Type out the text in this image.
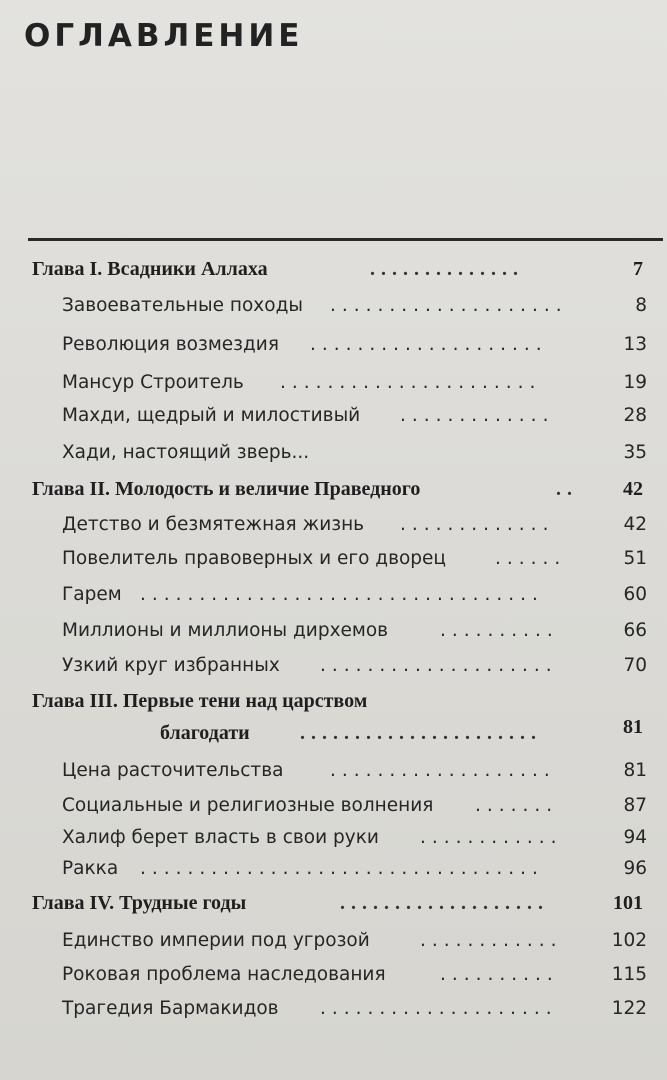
ОГЛАВЛЕНИЕ
Глава I. Всадники Аллаха	..............	7
Завоевательные походы ....................	8
Революция возмездия ....................	13
Мансур Строитель ......................	19
Махди, щедрый и милостивый .............	28
Хади, настоящий зверь...	35
Глава II. Молодость и величие Праведного	..	42
Детство и безмятежная жизнь .............	42
Повелитель правоверных и его дворец	......	51
Гарем ..................................	60
Миллионы и миллионы дирхемов	..........	66
Узкий круг избранных ....................	70
Глава III. Первые тени над царством
благодати	......................	81
Цена расточительства	...................	81
Социальные и религиозные волнения .......	87
Халиф берет власть в свои руки ............	94
Ракка ..................................	96
Глава IV. Трудные годы	...................	101
Единство империи под угрозой	............	102
Роковая проблема наследования	..........	115
Трагедия Бармакидов ....................	122
